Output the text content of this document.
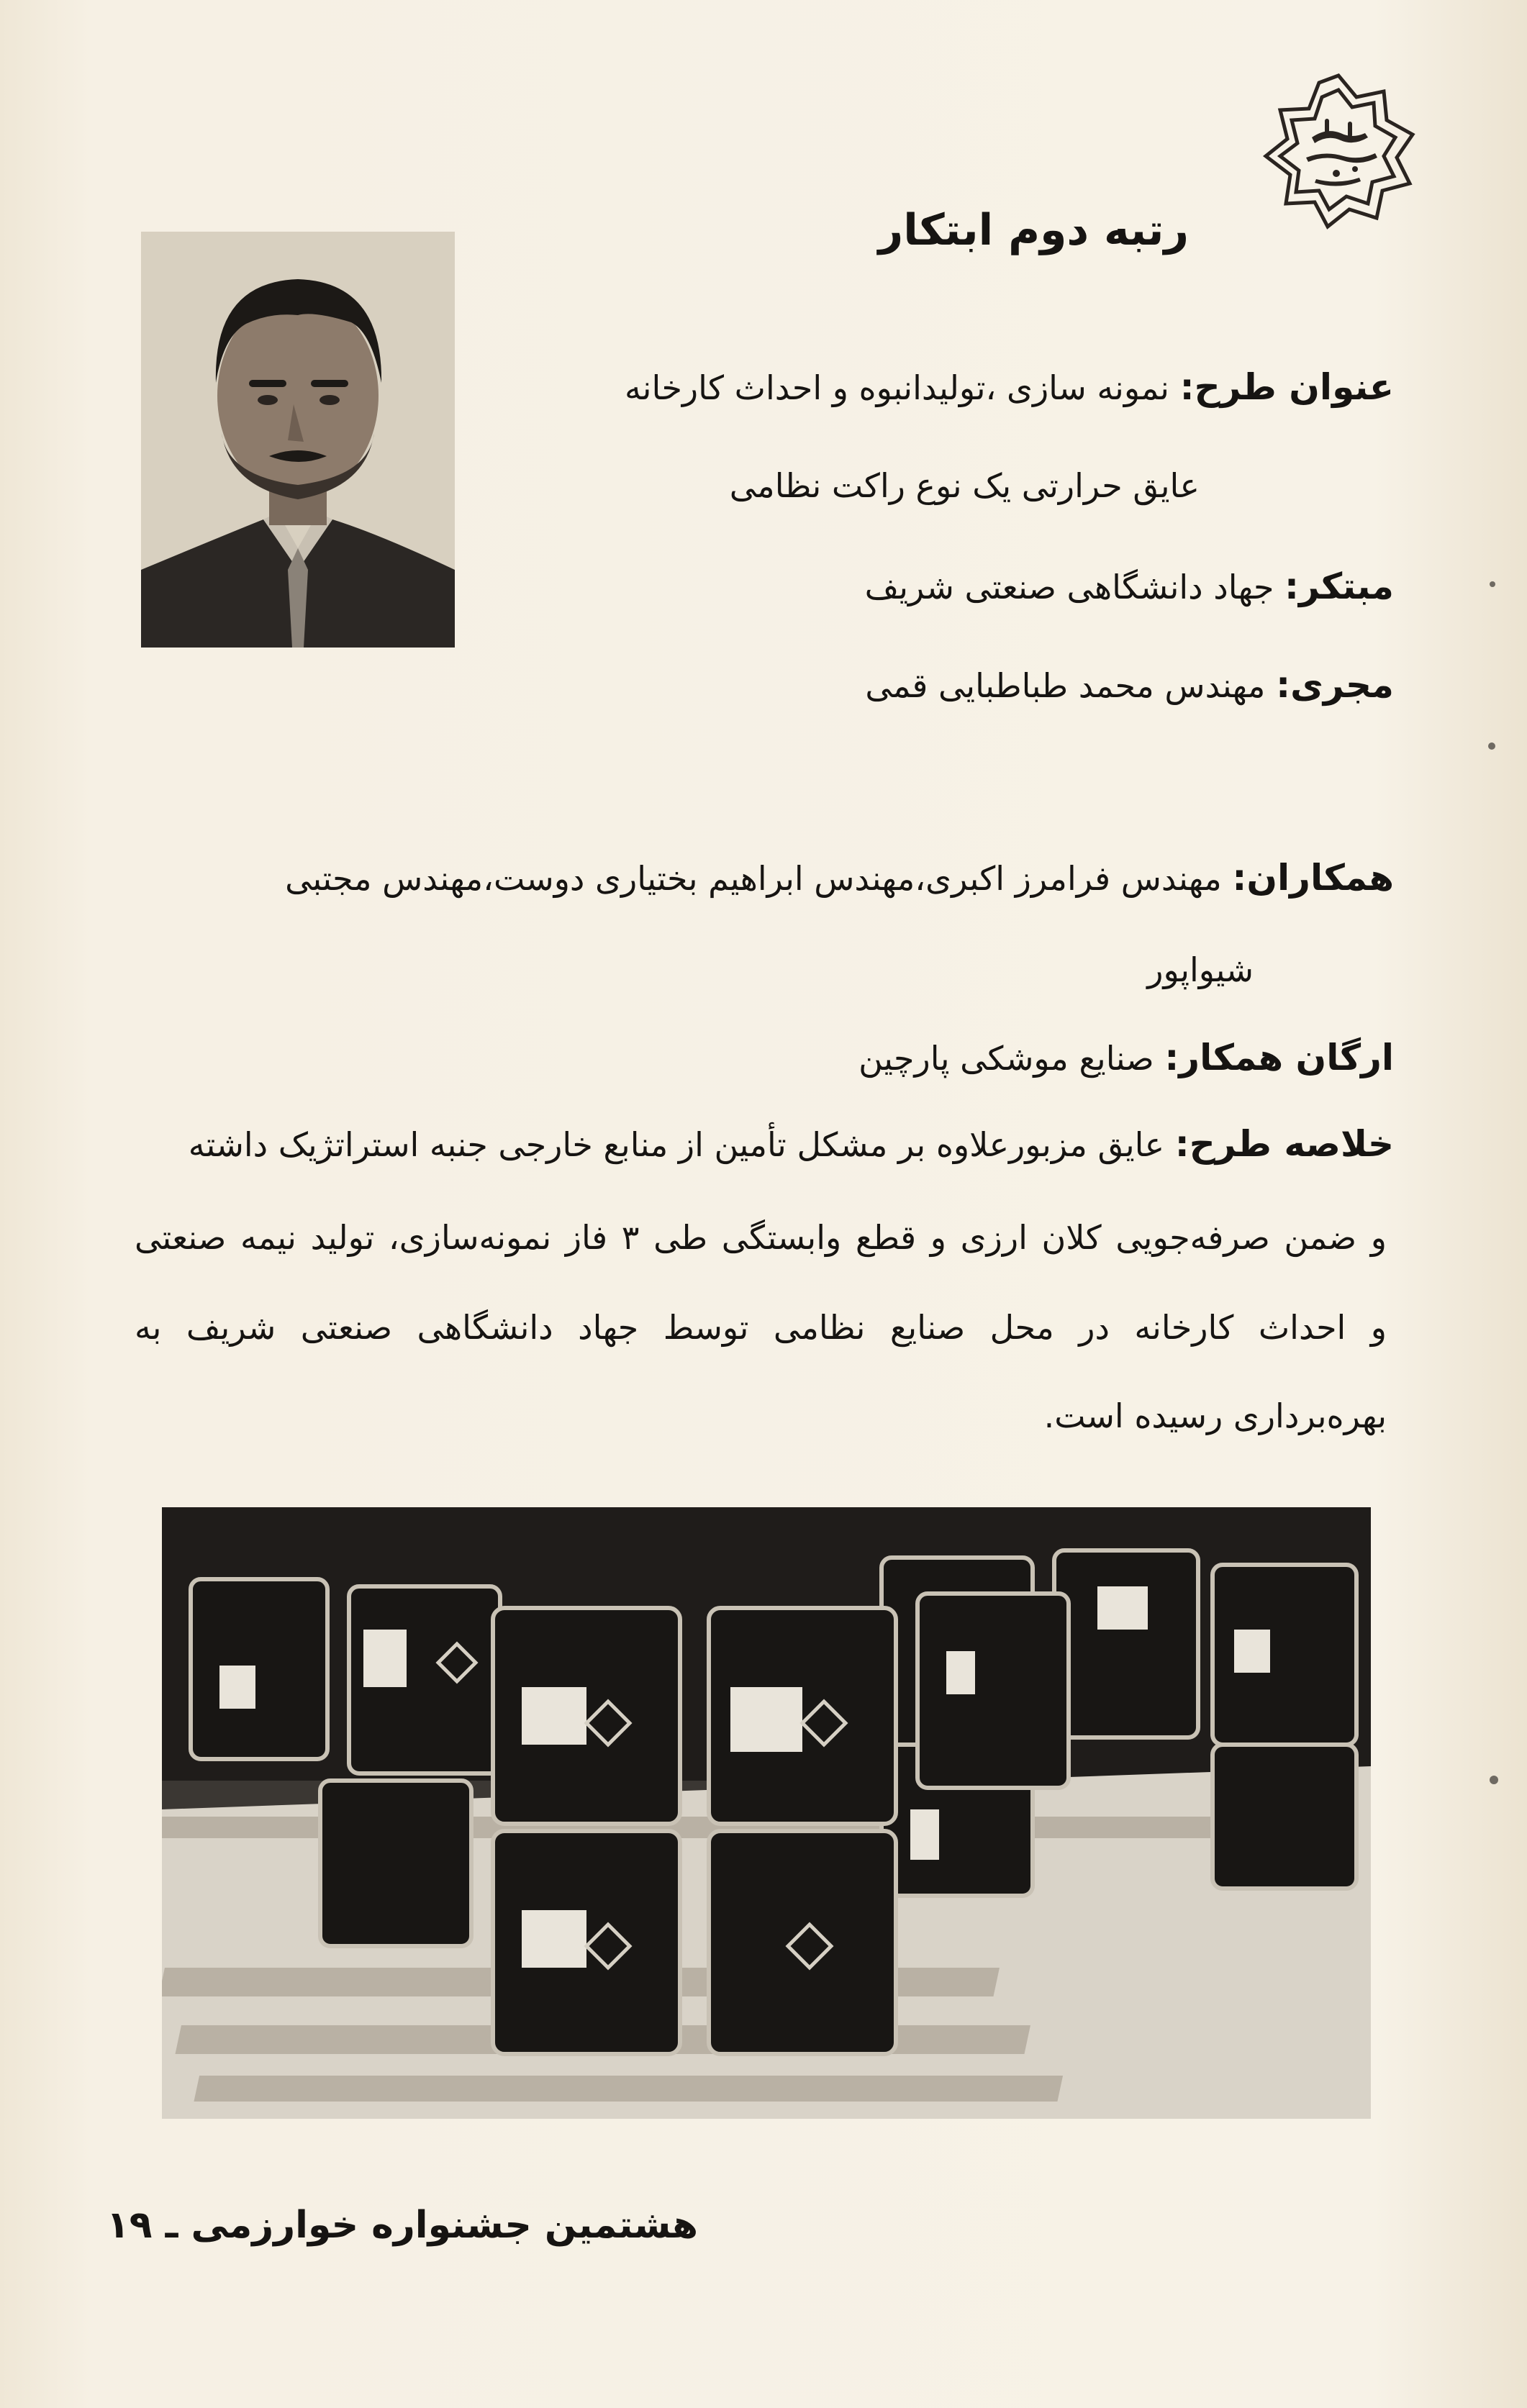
رتبه دوم ابتکار
عنوان طرح: نمونه سازی ،تولیدانبوه و احداث کارخانه
عایق حرارتی یک نوع راکت نظامی
مبتکر: جهاد دانشگاهی صنعتی شریف
مجری: مهندس محمد طباطبایی قمی
همکاران: مهندس فرامرز اکبری،مهندس ابراهیم بختیاری دوست،مهندس مجتبی
شیواپور
ارگان همکار: صنایع موشکی پارچین
خلاصه طرح: عایق مزبورعلاوه بر مشکل تأمین از منابع خارجی جنبه استراتژیک داشته
و ضمن صرفه‌جویی کلان ارزی و قطع وابستگی طی ۳ فاز نمونه‌سازی، تولید نیمه صنعتی
و احداث کارخانه در محل صنایع نظامی توسط جهاد دانشگاهی صنعتی شریف به
بهره‌برداری رسیده است.
هشتمین جشنواره خوارزمی ـ ۱۹
